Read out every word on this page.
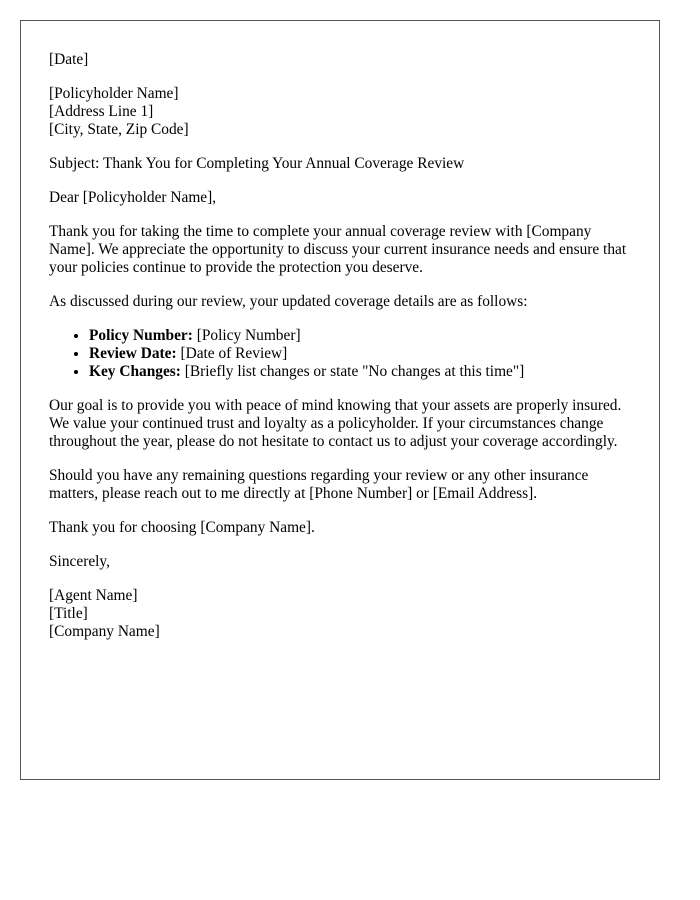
[Date]
[Policyholder Name]
[Address Line 1]
[City, State, Zip Code]

Subject: Thank You for Completing Your Annual Coverage Review

Dear [Policyholder Name],

Thank you for taking the time to complete your annual coverage review with [Company Name]. We appreciate the opportunity to discuss your current insurance needs and ensure that your policies continue to provide the protection you deserve.

As discussed during our review, your updated coverage details are as follows:

• Policy Number: [Policy Number]
• Review Date: [Date of Review]
• Key Changes: [Briefly list changes or state "No changes at this time"]

Our goal is to provide you with peace of mind knowing that your assets are properly insured. We value your continued trust and loyalty as a policyholder. If your circumstances change throughout the year, please do not hesitate to contact us to adjust your coverage accordingly.

Should you have any remaining questions regarding your review or any other insurance matters, please reach out to me directly at [Phone Number] or [Email Address].

Thank you for choosing [Company Name].

Sincerely,

[Agent Name]
[Title]
[Company Name]
